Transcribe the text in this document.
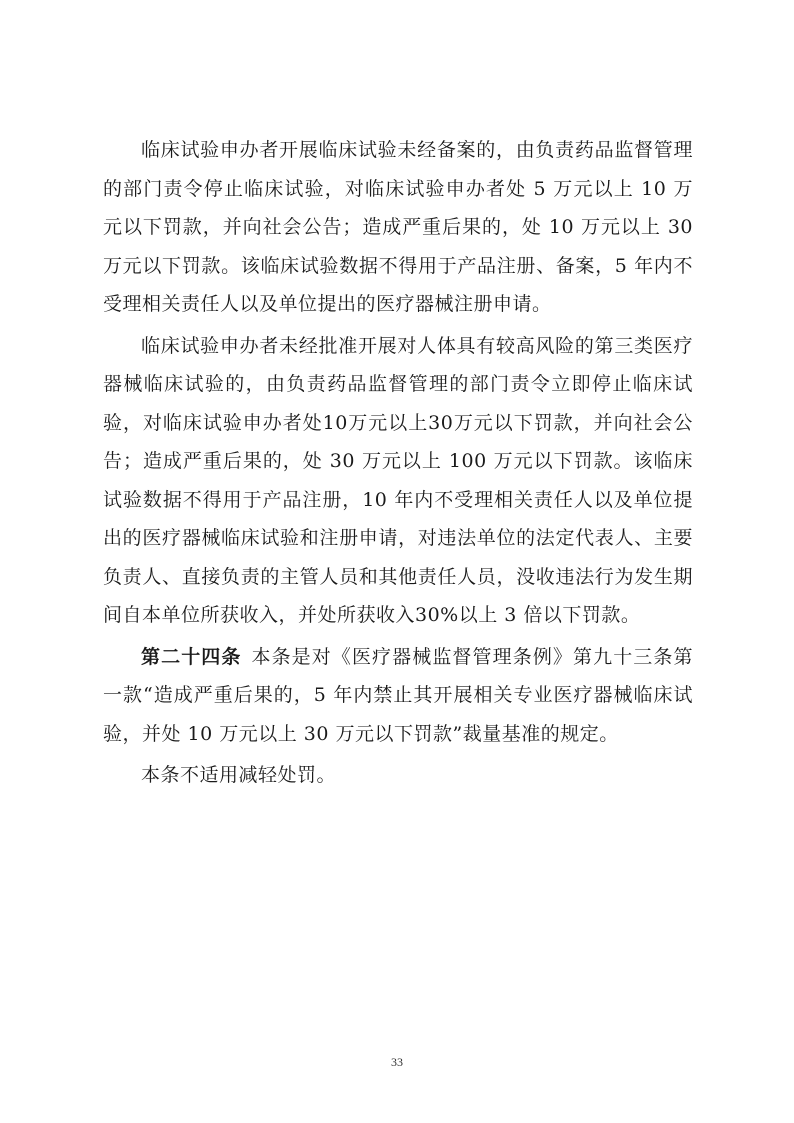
临床试验申办者开展临床试验未经备案的，由负责药品监督管理的部门责令停止临床试验，对临床试验申办者处 5 万元以上 10 万元以下罚款，并向社会公告；造成严重后果的，处 10 万元以上 30 万元以下罚款。该临床试验数据不得用于产品注册、备案，5 年内不受理相关责任人以及单位提出的医疗器械注册申请。

临床试验申办者未经批准开展对人体具有较高风险的第三类医疗器械临床试验的，由负责药品监督管理的部门责令立即停止临床试验，对临床试验申办者处10万元以上30万元以下罚款，并向社会公告；造成严重后果的，处 30 万元以上 100 万元以下罚款。该临床试验数据不得用于产品注册，10 年内不受理相关责任人以及单位提出的医疗器械临床试验和注册申请，对违法单位的法定代表人、主要负责人、直接负责的主管人员和其他责任人员，没收违法行为发生期间自本单位所获收入，并处所获收入30%以上 3 倍以下罚款。

第二十四条 本条是对《医疗器械监督管理条例》第九十三条第一款“造成严重后果的，5 年内禁止其开展相关专业医疗器械临床试验，并处 10 万元以上 30 万元以下罚款”裁量基准的规定。

本条不适用减轻处罚。

33
